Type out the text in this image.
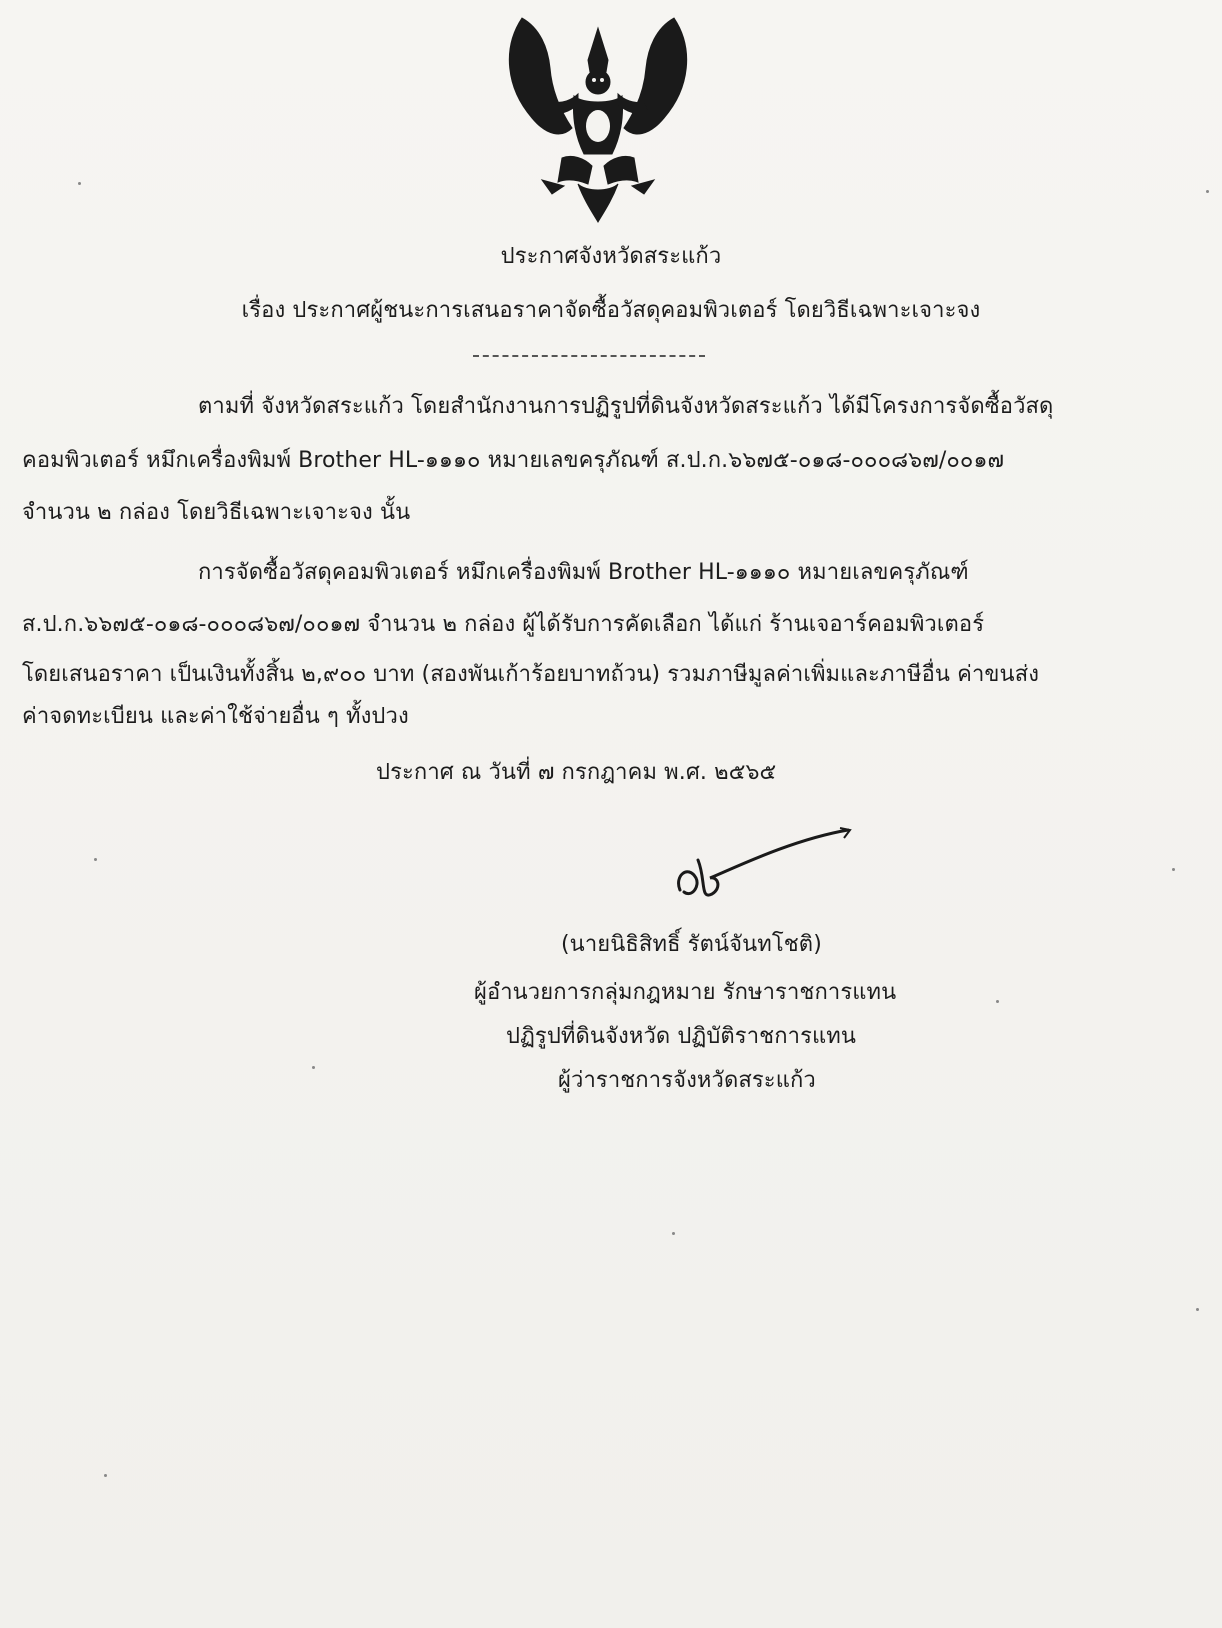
ประกาศจังหวัดสระแก้ว
เรื่อง ประกาศผู้ชนะการเสนอราคาจัดซื้อวัสดุคอมพิวเตอร์ โดยวิธีเฉพาะเจาะจง
ตามที่ จังหวัดสระแก้ว โดยสำนักงานการปฏิรูปที่ดินจังหวัดสระแก้ว ได้มีโครงการจัดซื้อวัสดุ
คอมพิวเตอร์ หมึกเครื่องพิมพ์ Brother HL-๑๑๑๐ หมายเลขครุภัณฑ์ ส.ป.ก.๖๖๗๕-๐๑๘-๐๐๐๘๖๗/๐๐๑๗
จำนวน ๒ กล่อง โดยวิธีเฉพาะเจาะจง นั้น
การจัดซื้อวัสดุคอมพิวเตอร์ หมึกเครื่องพิมพ์ Brother HL-๑๑๑๐ หมายเลขครุภัณฑ์
ส.ป.ก.๖๖๗๕-๐๑๘-๐๐๐๘๖๗/๐๐๑๗ จำนวน ๒ กล่อง ผู้ได้รับการคัดเลือก ได้แก่ ร้านเจอาร์คอมพิวเตอร์
โดยเสนอราคา เป็นเงินทั้งสิ้น ๒,๙๐๐ บาท (สองพันเก้าร้อยบาทถ้วน) รวมภาษีมูลค่าเพิ่มและภาษีอื่น ค่าขนส่ง
ค่าจดทะเบียน และค่าใช้จ่ายอื่น ๆ ทั้งปวง
ประกาศ ณ วันที่ ๗ กรกฎาคม พ.ศ. ๒๕๖๕
(นายนิธิสิทธิ์ รัตน์จันทโชติ)
ผู้อำนวยการกลุ่มกฎหมาย รักษาราชการแทน
ปฏิรูปที่ดินจังหวัด ปฏิบัติราชการแทน
ผู้ว่าราชการจังหวัดสระแก้ว
